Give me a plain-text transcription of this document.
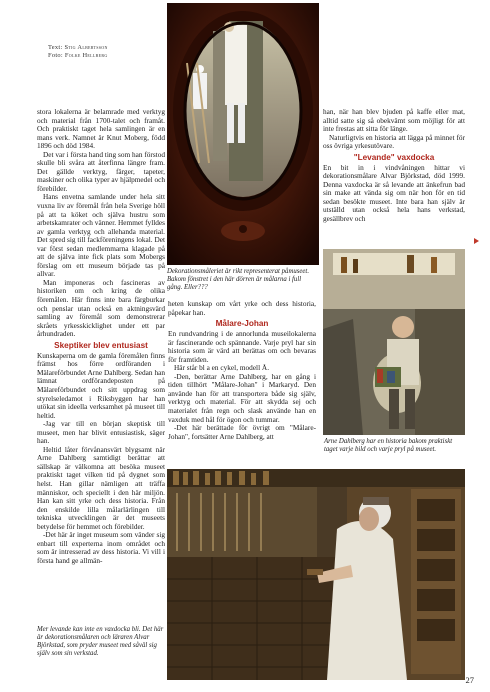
Text: Stig Albertsson
Foto: Folke Hellberg
Dekorationsmåleriet är rikt representerat påmuseet. Bakom fönstret i den här dörren är målarna i full gång. Eller???

stora lokalerna är belamrade med verktyg och material från 1700-talet och framåt. Och praktiskt taget hela samlingen är en mans verk. Namnet är Knut Moberg, född 1896 och död 1984.

Det var i första hand ting som han förstod skulle bli svåra att återfinna längre fram. Det gällde verktyg, färger, tapeter, maskiner och olika typer av hjälpmedel och förebilder.

Hans envetna samlande under hela sitt vuxna liv av föremål från hela Sverige höll på att ta köket och själva hustru som arbetskamrater och vänner. Hemmet fylldes av gamla verktyg och allehanda material. Det spred sig till fackföreningens lokal. Det var först sedan medlemmarna klagade på att de själva inte fick plats som Mobergs förslag om ett museum började tas på allvar.

Man imponeras och fascineras av historiken om och kring de olika föremålen. Här finns inte bara färgburkar och penslar utan också en aktningsvärd samling av föremål som demonstrerar skråets yrkesskicklighet under ett par århundraden.

Skeptiker blev entusiast

Kunskaperna om de gamla föremålen finns främst hos förre ordföranden i Mälareförbundet Arne Dahlberg. Sedan han lämnat ordförandeposten på Mälareförbundet och sitt uppdrag som styrelseledamot i Riksbyggen har han utökat sin ideella verksamhet på museet till heltid.

-Jag var till en början skeptisk till museet, men har blivit entusiastisk, säger han.

Heltid låter förvånansvärt blygsamt när Arne Dahlberg samtidigt berättar att sällskap är välkomna att besöka museet praktiskt taget vilken tid på dygnet som helst. Han gillar nämligen att träffa människor, och speciellt i den här miljön. Han kan sitt yrke och dess historia. Från den enskilde lilla målarlärlingen till tekniska utvecklingen är det museets betydelse för hemmet och förebilder.

-Det här är inget museum som vänder sig enbart till experterna inom området och som är intresserad av dess historia. Vi vill i första hand ge allmän-

Mer levande kan inte en vaxdocka bli. Det här är dekorationsmålaren och läraren Alvar Björkstad, som pryder museet med såväl sig själv som sin verkstad.

heten kunskap om vårt yrke och dess historia, påpekar han.

Målare-Johan

En rundvandring i de annorlunda museilokalerna är fascinerande och spännande. Varje pryl har sin historia som är värd att berättas om och bevaras för framtiden.

Här står bl a en cykel, modell Å.

-Den, berättar Arne Dahlberg, har en gång i tiden tillhört "Målare-Johan" i Markaryd. Den använde han för att transportera både sig själv, verktyg och material. För att skydda sej och materialet från regn och slask använde han en vaxduk med hål för ögon och tummar.

-Det här berättade för övrigt om "Målare-Johan", fortsätter Arne Dahlberg, att

han, när han blev bjuden på kaffe eller mat, alltid satte sig så obekvämt som möjligt för att inte frestas att sitta för länge.

Naturligtvis en historia att lägga på minnet för oss övriga yrkesutövare.

"Levande" vaxdocka

En bit in i vindvåningen hittar vi dekorationsmålare Alvar Björkstad, död 1999. Denna vaxdocka är så levande att änkefrun bad sin make att vända sig om när hon för en tid sedan besökte museet. Inte bara han själv är utställd utan också hela hans verkstad, gesällbrev och

Arne Dahlberg har en historia bakom praktiskt taget varje bild och varje pryl på museet.
27
